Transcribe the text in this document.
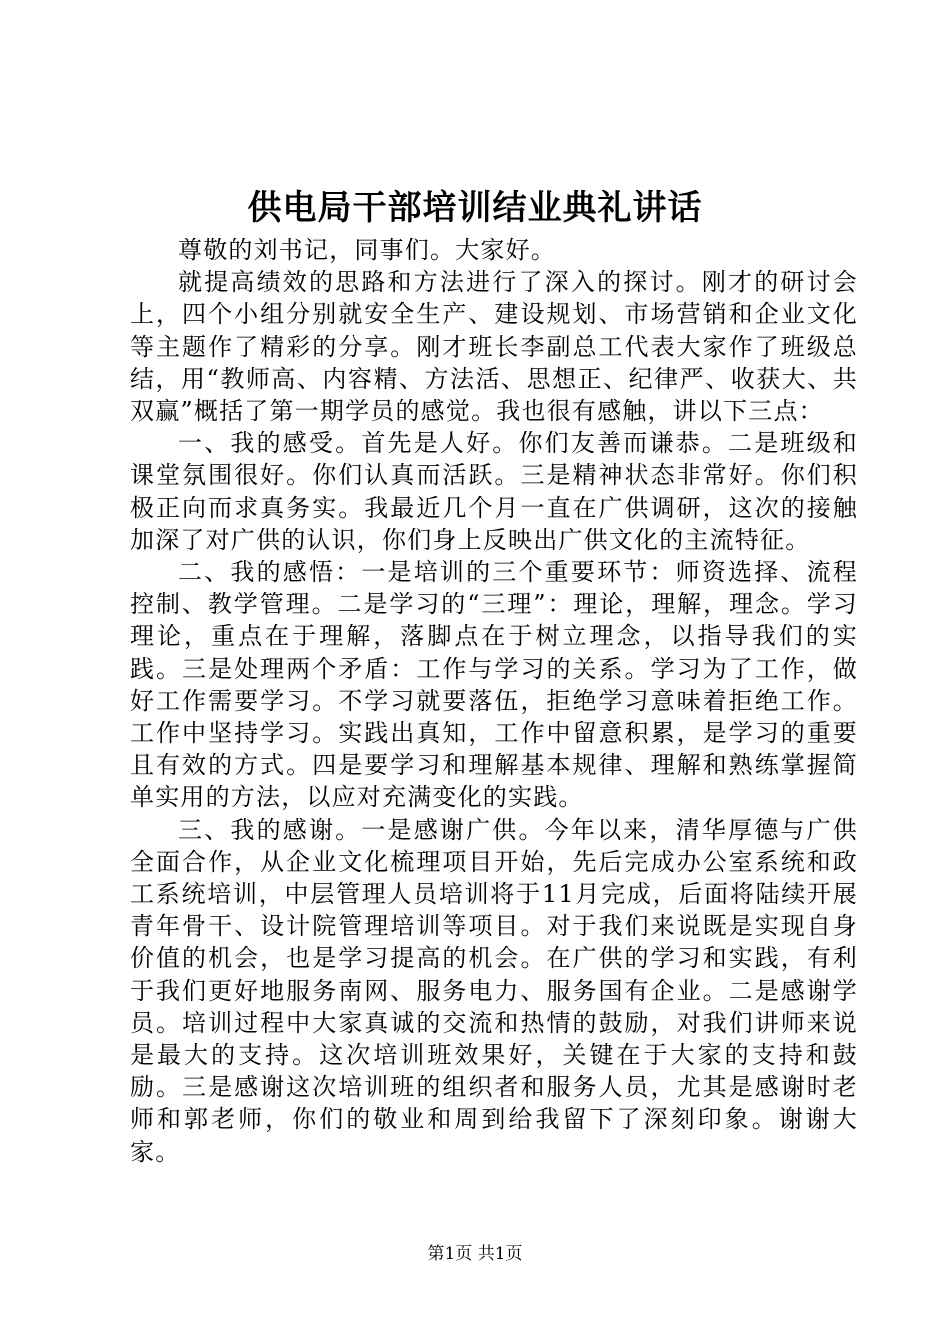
供电局干部培训结业典礼讲话

尊敬的刘书记，同事们。大家好。

就提高绩效的思路和方法进行了深入的探讨。刚才的研讨会上，四个小组分别就安全生产、建设规划、市场营销和企业文化等主题作了精彩的分享。刚才班长李副总工代表大家作了班级总结，用“教师高、内容精、方法活、思想正、纪律严、收获大、共双赢”概括了第一期学员的感觉。我也很有感触，讲以下三点：

一、我的感受。首先是人好。你们友善而谦恭。二是班级和课堂氛围很好。你们认真而活跃。三是精神状态非常好。你们积极正向而求真务实。我最近几个月一直在广供调研，这次的接触加深了对广供的认识，你们身上反映出广供文化的主流特征。

二、我的感悟：一是培训的三个重要环节：师资选择、流程控制、教学管理。二是学习的“三理”：理论，理解，理念。学习理论，重点在于理解，落脚点在于树立理念，以指导我们的实践。三是处理两个矛盾：工作与学习的关系。学习为了工作，做好工作需要学习。不学习就要落伍，拒绝学习意味着拒绝工作。工作中坚持学习。实践出真知，工作中留意积累，是学习的重要且有效的方式。四是要学习和理解基本规律、理解和熟练掌握简单实用的方法，以应对充满变化的实践。

三、我的感谢。一是感谢广供。今年以来，清华厚德与广供全面合作，从企业文化梳理项目开始，先后完成办公室系统和政工系统培训，中层管理人员培训将于11月完成，后面将陆续开展青年骨干、设计院管理培训等项目。对于我们来说既是实现自身价值的机会，也是学习提高的机会。在广供的学习和实践，有利于我们更好地服务南网、服务电力、服务国有企业。二是感谢学员。培训过程中大家真诚的交流和热情的鼓励，对我们讲师来说是最大的支持。这次培训班效果好，关键在于大家的支持和鼓励。三是感谢这次培训班的组织者和服务人员，尤其是感谢时老师和郭老师，你们的敬业和周到给我留下了深刻印象。谢谢大家。

第1页 共1页
